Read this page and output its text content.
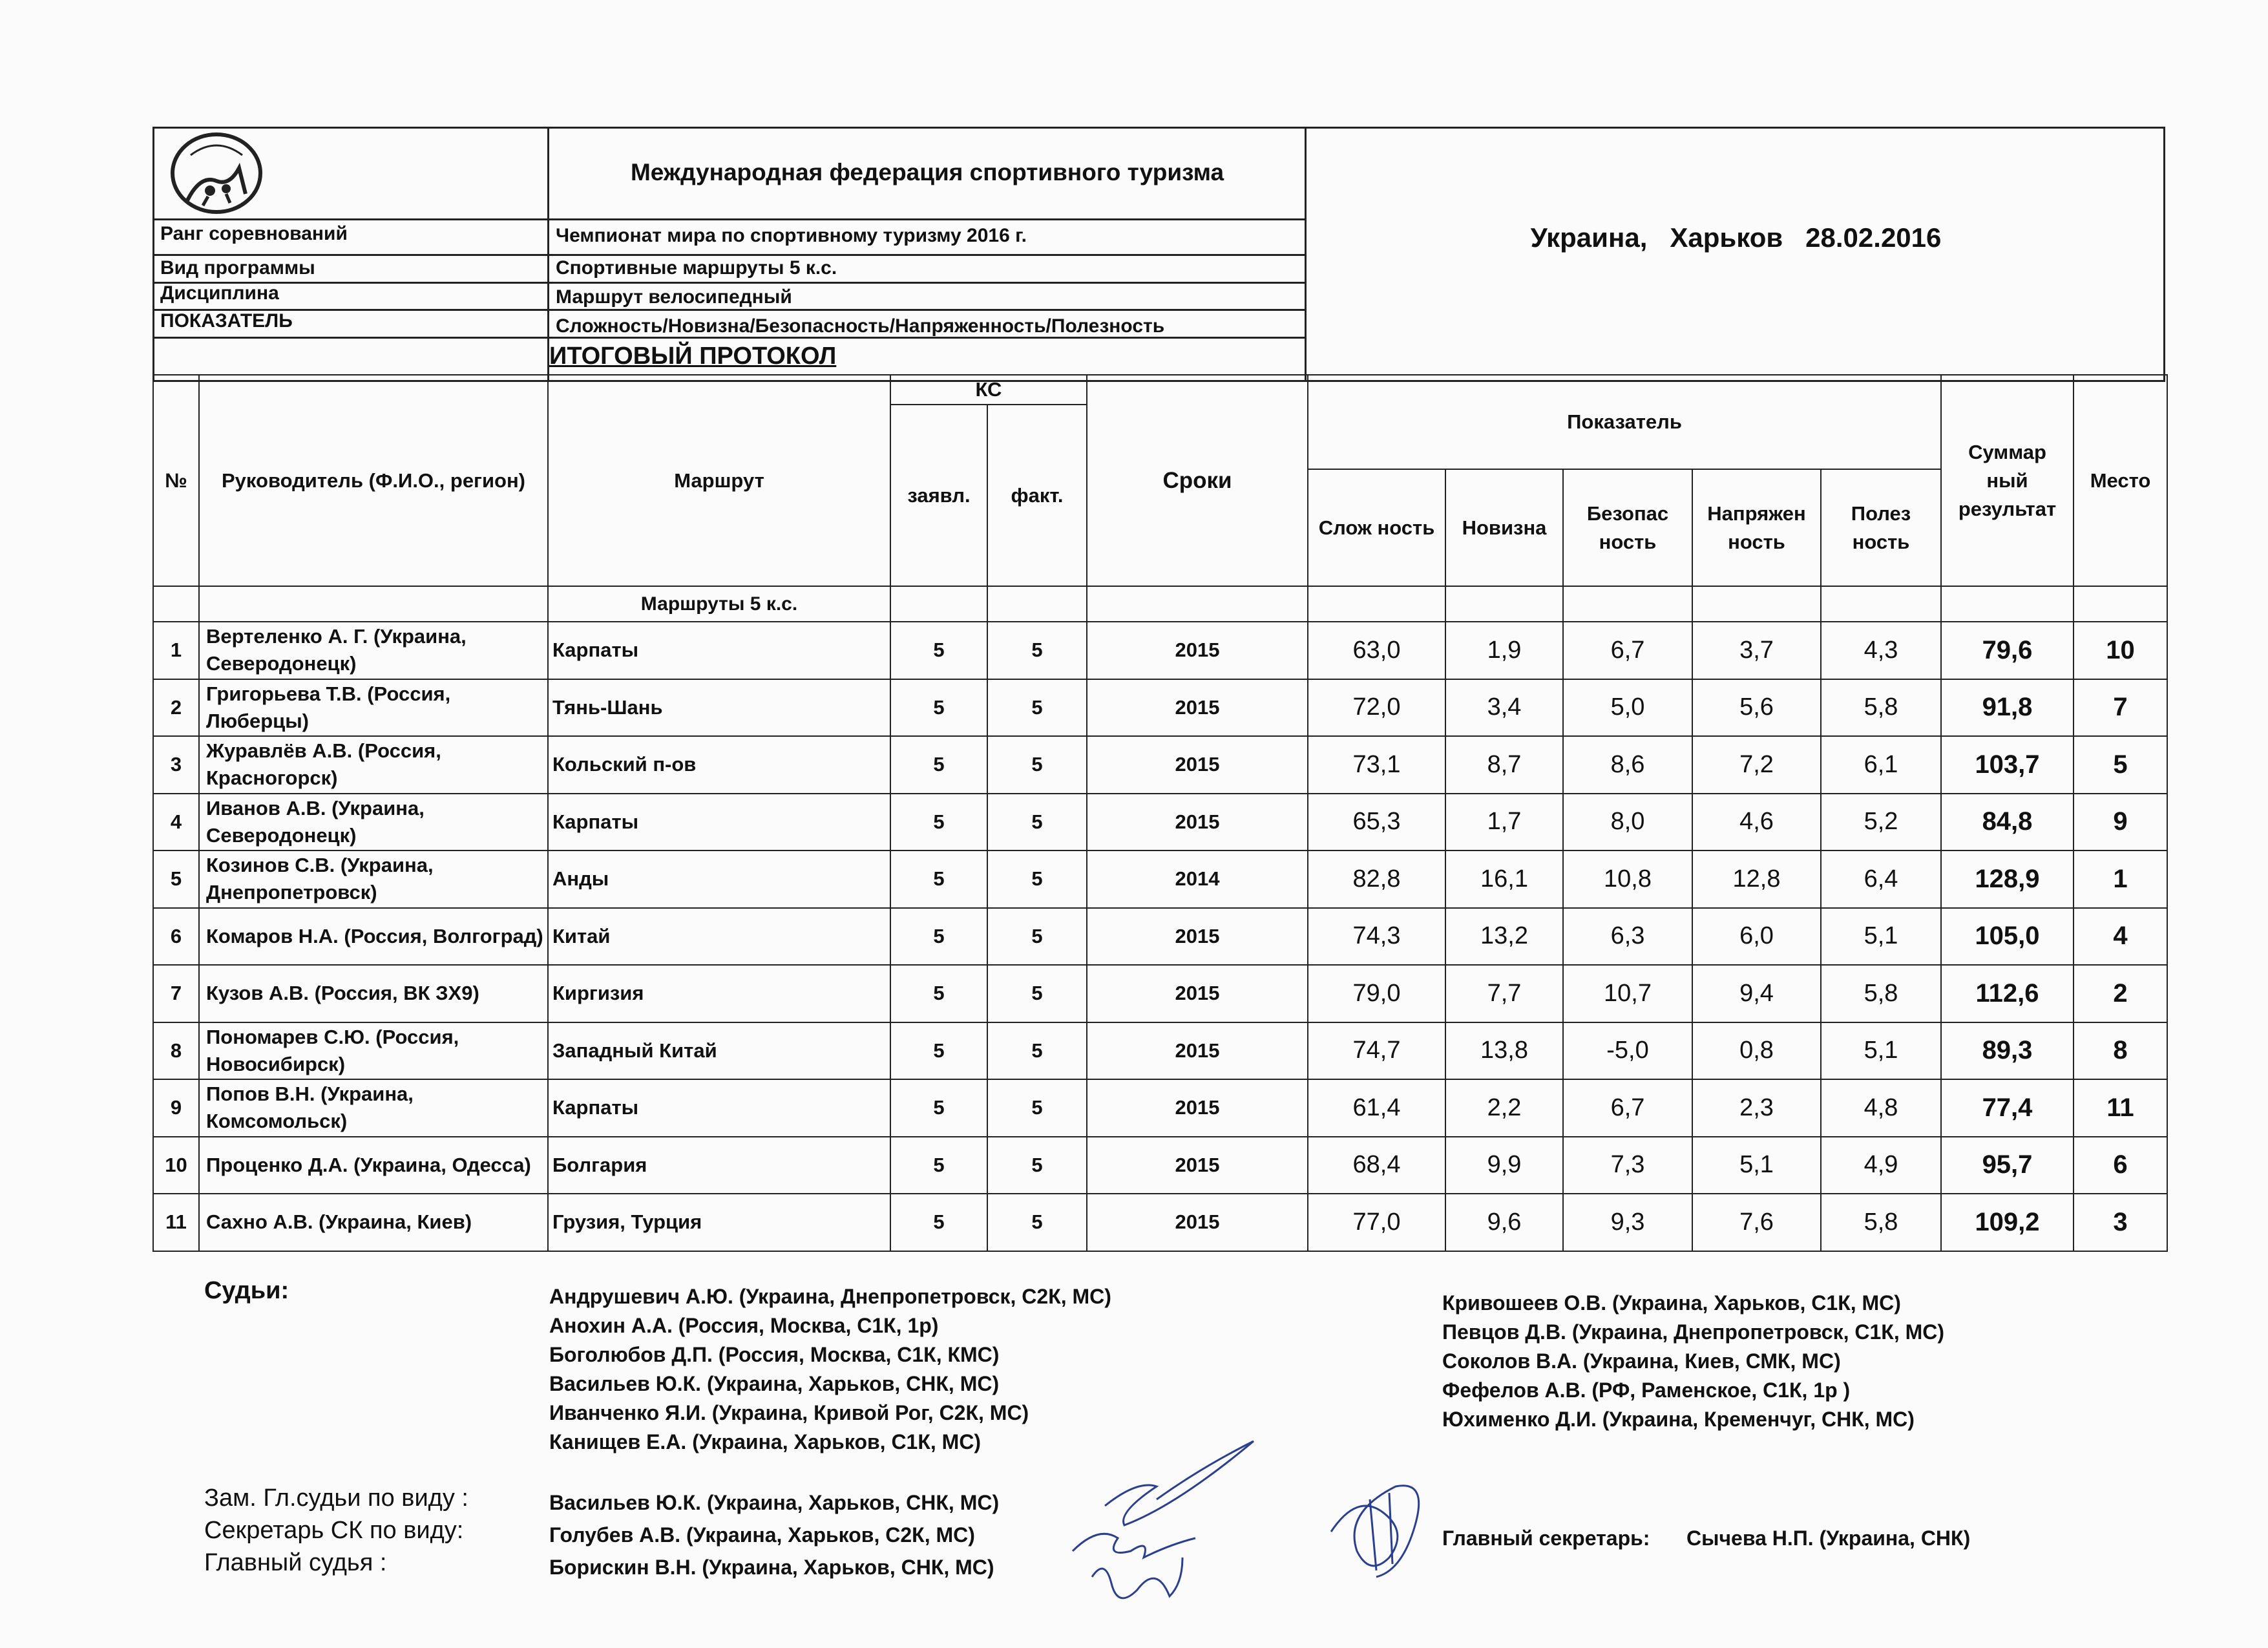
Международная федерация спортивного туризма
Украина,   Харьков   28.02.2016
Ранг соревнований	Чемпионат мира по спортивному туризму 2016 г.
Вид программы	Спортивные маршруты 5 к.с.
Дисциплина	Маршрут велосипедный
ПОКАЗАТЕЛЬ	Сложность/Новизна/Безопасность/Напряженность/Полезность
ИТОГОВЫЙ ПРОТОКОЛ
№	Руководитель (Ф.И.О., регион)	Маршрут	КС		Сроки	Показатель					Суммар ный результат	Место
			заявл.	факт.								
						Слож ность	Новизна	Безопас ность	Напряжен ность	Полез ность		
		Маршруты 5 к.с.										
1	Вертеленко А. Г. (Украина, Северодонецк)	Карпаты	5	5	2015	63,0	1,9	6,7	3,7	4,3	79,6	10
2	Григорьева Т.В. (Россия, Люберцы)	Тянь-Шань	5	5	2015	72,0	3,4	5,0	5,6	5,8	91,8	7
3	Журавлёв А.В. (Россия, Красногорск)	Кольский п-ов	5	5	2015	73,1	8,7	8,6	7,2	6,1	103,7	5
4	Иванов А.В. (Украина, Северодонецк)	Карпаты	5	5	2015	65,3	1,7	8,0	4,6	5,2	84,8	9
5	Козинов С.В. (Украина, Днепропетровск)	Анды	5	5	2014	82,8	16,1	10,8	12,8	6,4	128,9	1
6	Комаров Н.А. (Россия, Волгоград)	Китай	5	5	2015	74,3	13,2	6,3	6,0	5,1	105,0	4
7	Кузов А.В. (Россия, ВК ЗХ9)	Киргизия	5	5	2015	79,0	7,7	10,7	9,4	5,8	112,6	2
8	Пономарев С.Ю. (Россия, Новосибирск)	Западный Китай	5	5	2015	74,7	13,8	-5,0	0,8	5,1	89,3	8
9	Попов В.Н. (Украина, Комсомольск)	Карпаты	5	5	2015	61,4	2,2	6,7	2,3	4,8	77,4	11
10	Проценко Д.А. (Украина, Одесса)	Болгария	5	5	2015	68,4	9,9	7,3	5,1	4,9	95,7	6
11	Сахно А.В. (Украина, Киев)	Грузия, Турция	5	5	2015	77,0	9,6	9,3	7,6	5,8	109,2	3
Судьи:	Андрушевич А.Ю. (Украина, Днепропетровск, С2К, МС)
Анохин А.А. (Россия, Москва, С1К, 1р)
Боголюбов Д.П. (Россия, Москва, С1К, КМС)
Васильев Ю.К. (Украина, Харьков, СНК, МС)
Иванченко Я.И. (Украина, Кривой Рог, С2К, МС)
Канищев Е.А. (Украина, Харьков, С1К, МС)
Кривошеев О.В. (Украина, Харьков, С1К, МС)
Певцов Д.В. (Украина, Днепропетровск, С1К, МС)
Соколов В.А. (Украина, Киев, СМК, МС)
Фефелов А.В. (РФ, Раменское, С1К, 1р )
Юхименко Д.И. (Украина, Кременчуг, СНК, МС)
Зам. Гл.судьи по виду :
Секретарь СК по виду:
Главный судья :
Васильев Ю.К. (Украина, Харьков, СНК, МС)
Голубев А.В. (Украина, Харьков, С2К, МС)
Борискин В.Н. (Украина, Харьков, СНК, МС)
Главный секретарь: Сычева Н.П. (Украина, СНК)
